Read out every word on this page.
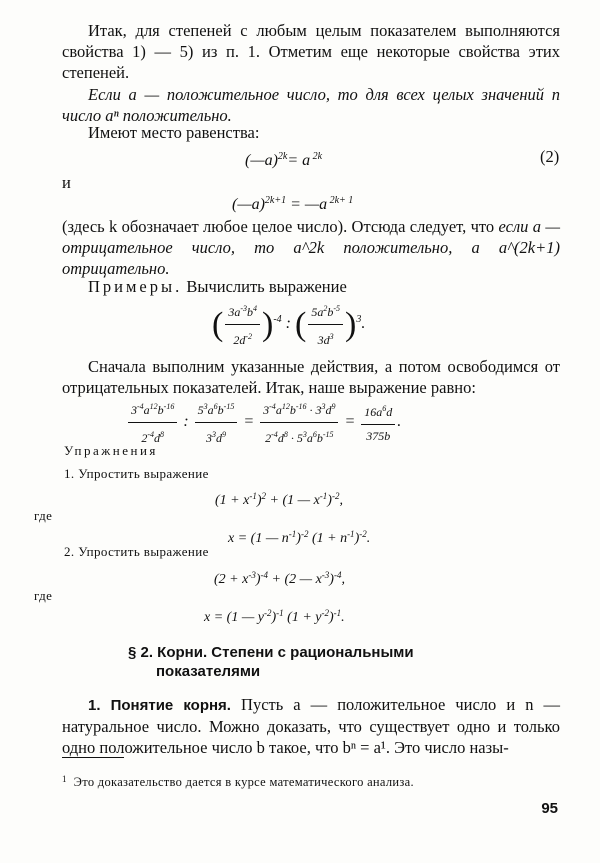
Итак, для степеней с любым целым показателем выполняются свойства 1) — 5) из п. 1. Отметим еще некоторые свойства этих степеней.

Если a — положительное число, то для всех целых значений n число aⁿ положительно.

Имеют место равенства:

(—a)$^{2k}$= a $^{2k}$	(2)
и
(—a)$^{2k+1}$ = —a $^{2k+ 1}$

(здесь k обозначает любое целое число). Отсюда следует, что если a — отрицательное число, то a^2k положительно, а a^(2k+1) отрицательно.

Примеры. Вычислить выражение

( $\frac{3a^{-3}b^4}{2d^{-2}} )^{-4}$ : ( $\frac{5a^2b^{-5}}{3d^3} )^3$.

Сначала выполним указанные действия, а потом освободимся от отрицательных показателей. Итак, наше выражение равно:

$\frac{3^{-4}a^{12}b^{-16}}{2^{-4}d^8}$ : $\frac{5^3a^6b^{-15}}{3^3d^9} = \frac{3^{-4}a^{12}b^{-16} \cdot 3^3d^9}{2^{-4}d^8 \cdot 5^3a^6b^{-15}} = \frac{16a^6d}{375b}$ .
Упражнения
1. Упростить выражение
$(1 + x^{-1})^2 + (1$ — $x^{-1})^{-2}$,
где
x = (1 — $n^{-1})^{-2}$ $(1 + n^{-1})^{-2}$.
2. Упростить выражение
$(2 + x^{-3})^{-4} + (2$ — $x^{-3})^{-4}$,
где
x = (1 — $y^{-2})^{-1}$ $(1 + y^{-2})^{-1}$.
§ 2. Корни. Степени с рациональными
показателями

1. Понятие корня. Пусть a — положительное число и n — натуральное число. Можно доказать, что существует одно и только одно положительное число b такое, что bⁿ = a¹. Это число назы-

$^1$ Это доказательство дается в курсе математического анализа.
95
